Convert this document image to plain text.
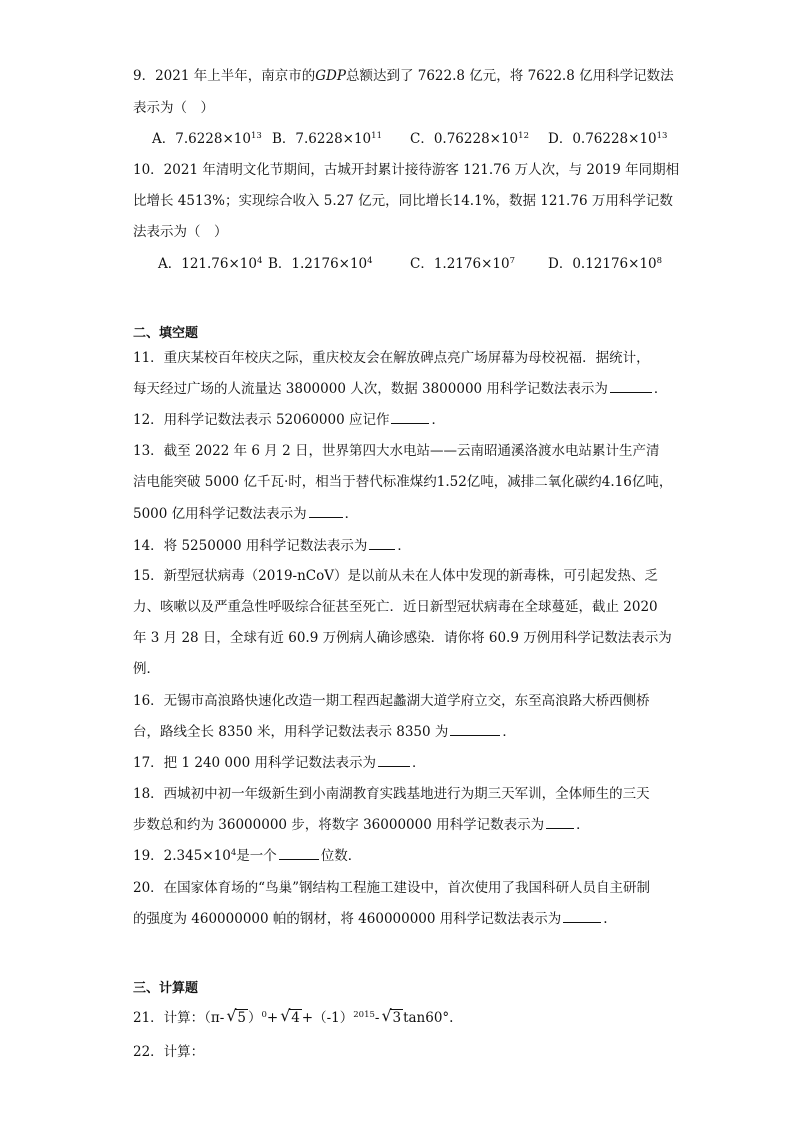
9．2021 年上半年，南京市的GDP总额达到了 7622.8 亿元，将 7622.8 亿用科学记数法
表示为（　）
A．$7.6228\times 10^{13}$ B．$7.6228\times 10^{11}$ C．$0.76228\times 10^{12}$ D．$0.76228\times 10^{13}$
10．2021 年清明文化节期间，古城开封累计接待游客 121.76 万人次，与 2019 年同期相
比增长 4513%；实现综合收入 5.27 亿元，同比增长14.1%，数据 121.76 万用科学记数
法表示为（　）
A．$121.76\times 10^4$ B．$1.2176\times 10^4$	C．$1.2176\times 10^7$ D．$0.12176\times 10^8$
二、填空题
11．重庆某校百年校庆之际，重庆校友会在解放碑点亮广场屏幕为母校祝福．据统计，
每天经过广场的人流量达 3800000 人次，数据 3800000 用科学记数法表示为	．
12．用科学记数法表示 52060000 应记作	．
13．截至 2022 年 6 月 2 日，世界第四大水电站——云南昭通溪洛渡水电站累计生产清
洁电能突破 5000 亿千瓦·时，相当于替代标准煤约1.52亿吨，减排二氧化碳约4.16亿吨，
5000 亿用科学记数法表示为	．
14．将 5250000 用科学记数法表示为 ．
15．新型冠状病毒（2019-nCoV）是以前从未在人体中发现的新毒株，可引起发热、乏
力、咳嗽以及严重急性呼吸综合征甚至死亡．近日新型冠状病毒在全球蔓延，截止 2020
年 3 月 28 日，全球有近 60.9 万例病人确诊感染．请你将 60.9 万例用科学记数法表示为
例．
16．无锡市高浪路快速化改造一期工程西起蠡湖大道学府立交，东至高浪路大桥西侧桥
台，路线全长 8350 米，用科学记数法表示 8350 为	．
17．把 1 240 000 用科学记数法表示为	．
18．西城初中初一年级新生到小南湖教育实践基地进行为期三天军训，全体师生的三天
步数总和约为 36000000 步，将数字 36000000 用科学记数表示为 ．
19．$2.345\times 10^4$是一个	位数．
20．在国家体育场的“鸟巢”钢结构工程施工建设中，首次使用了我国科研人员自主研制
的强度为 460000000 帕的钢材，将 460000000 用科学记数法表示为	.
三、计算题
21．计算：（π- √ 5 ）$^0$+ √ $4 +(-1)^{2015}-$ √ 3 tan60°.
22．计算：
